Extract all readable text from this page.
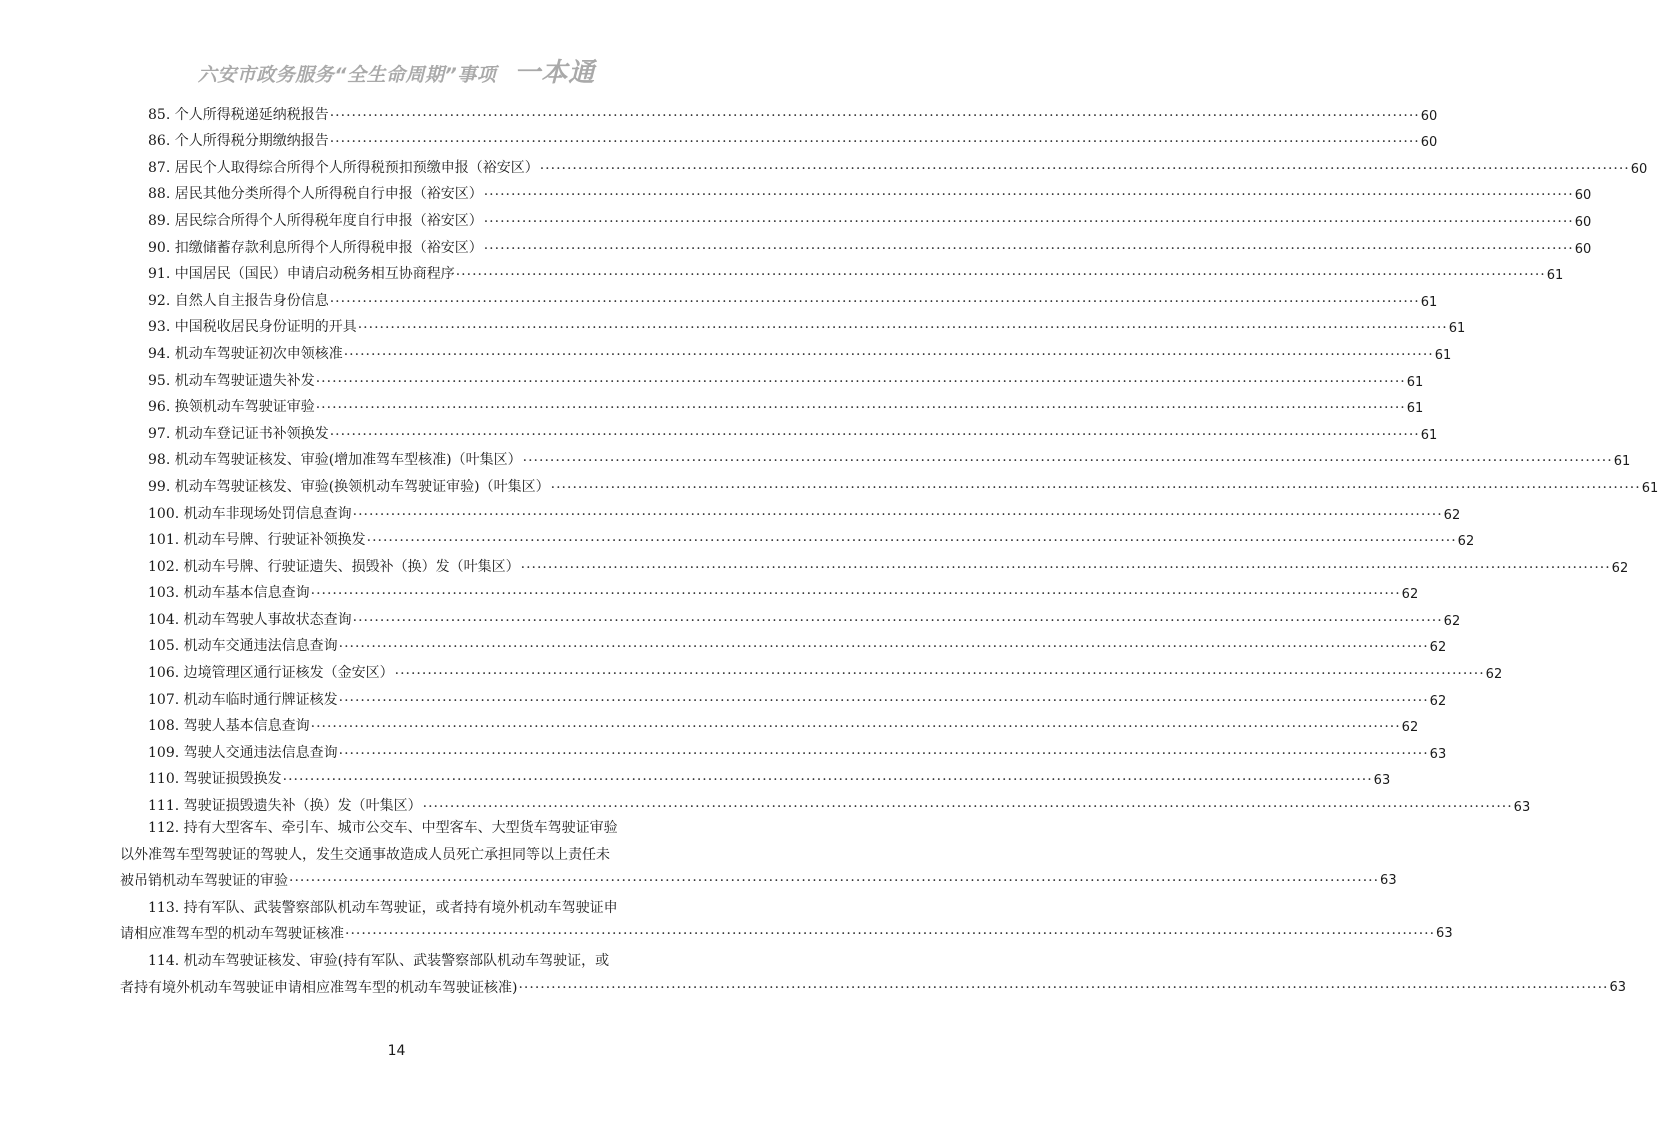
六安市政务服务“全生命周期”事项 一本通
85. 个人所得税递延纳税报告 ········································································································································································································ 60
86. 个人所得税分期缴纳报告 ········································································································································································································ 60
87. 居民个人取得综合所得个人所得税预扣预缴申报（裕安区） ········································································································································································································ 60
88. 居民其他分类所得个人所得税自行申报（裕安区） ········································································································································································································ 60
89. 居民综合所得个人所得税年度自行申报（裕安区） ········································································································································································································ 60
90. 扣缴储蓄存款利息所得个人所得税申报（裕安区） ········································································································································································································ 60
91. 中国居民（国民）申请启动税务相互协商程序 ········································································································································································································ 61
92. 自然人自主报告身份信息 ········································································································································································································ 61
93. 中国税收居民身份证明的开具 ········································································································································································································ 61
94. 机动车驾驶证初次申领核准 ········································································································································································································ 61
95. 机动车驾驶证遗失补发 ········································································································································································································ 61
96. 换领机动车驾驶证审验 ········································································································································································································ 61
97. 机动车登记证书补领换发 ········································································································································································································ 61
98. 机动车驾驶证核发、审验(增加准驾车型核准)（叶集区） ········································································································································································································ 61
99. 机动车驾驶证核发、审验(换领机动车驾驶证审验)（叶集区） ········································································································································································································ 61
100. 机动车非现场处罚信息查询 ········································································································································································································ 62
101. 机动车号牌、行驶证补领换发 ········································································································································································································ 62
102. 机动车号牌、行驶证遗失、损毁补（换）发（叶集区） ········································································································································································································ 62
103. 机动车基本信息查询 ········································································································································································································ 62
104. 机动车驾驶人事故状态查询 ········································································································································································································ 62
105. 机动车交通违法信息查询 ········································································································································································································ 62
106. 边境管理区通行证核发（金安区） ········································································································································································································ 62
107. 机动车临时通行牌证核发 ········································································································································································································ 62
108. 驾驶人基本信息查询 ········································································································································································································ 62
109. 驾驶人交通违法信息查询 ········································································································································································································ 63
110. 驾驶证损毁换发 ········································································································································································································ 63
111. 驾驶证损毁遗失补（换）发（叶集区） ········································································································································································································ 63
112. 持有大型客车、牵引车、城市公交车、中型客车、大型货车驾驶证审验
以外准驾车型驾驶证的驾驶人，发生交通事故造成人员死亡承担同等以上责任未
被吊销机动车驾驶证的审验 ········································································································································································································ 63
113. 持有军队、武装警察部队机动车驾驶证，或者持有境外机动车驾驶证申
请相应准驾车型的机动车驾驶证核准 ········································································································································································································ 63
114. 机动车驾驶证核发、审验(持有军队、武装警察部队机动车驾驶证，或
者持有境外机动车驾驶证申请相应准驾车型的机动车驾驶证核准) ········································································································································································································ 63
14
